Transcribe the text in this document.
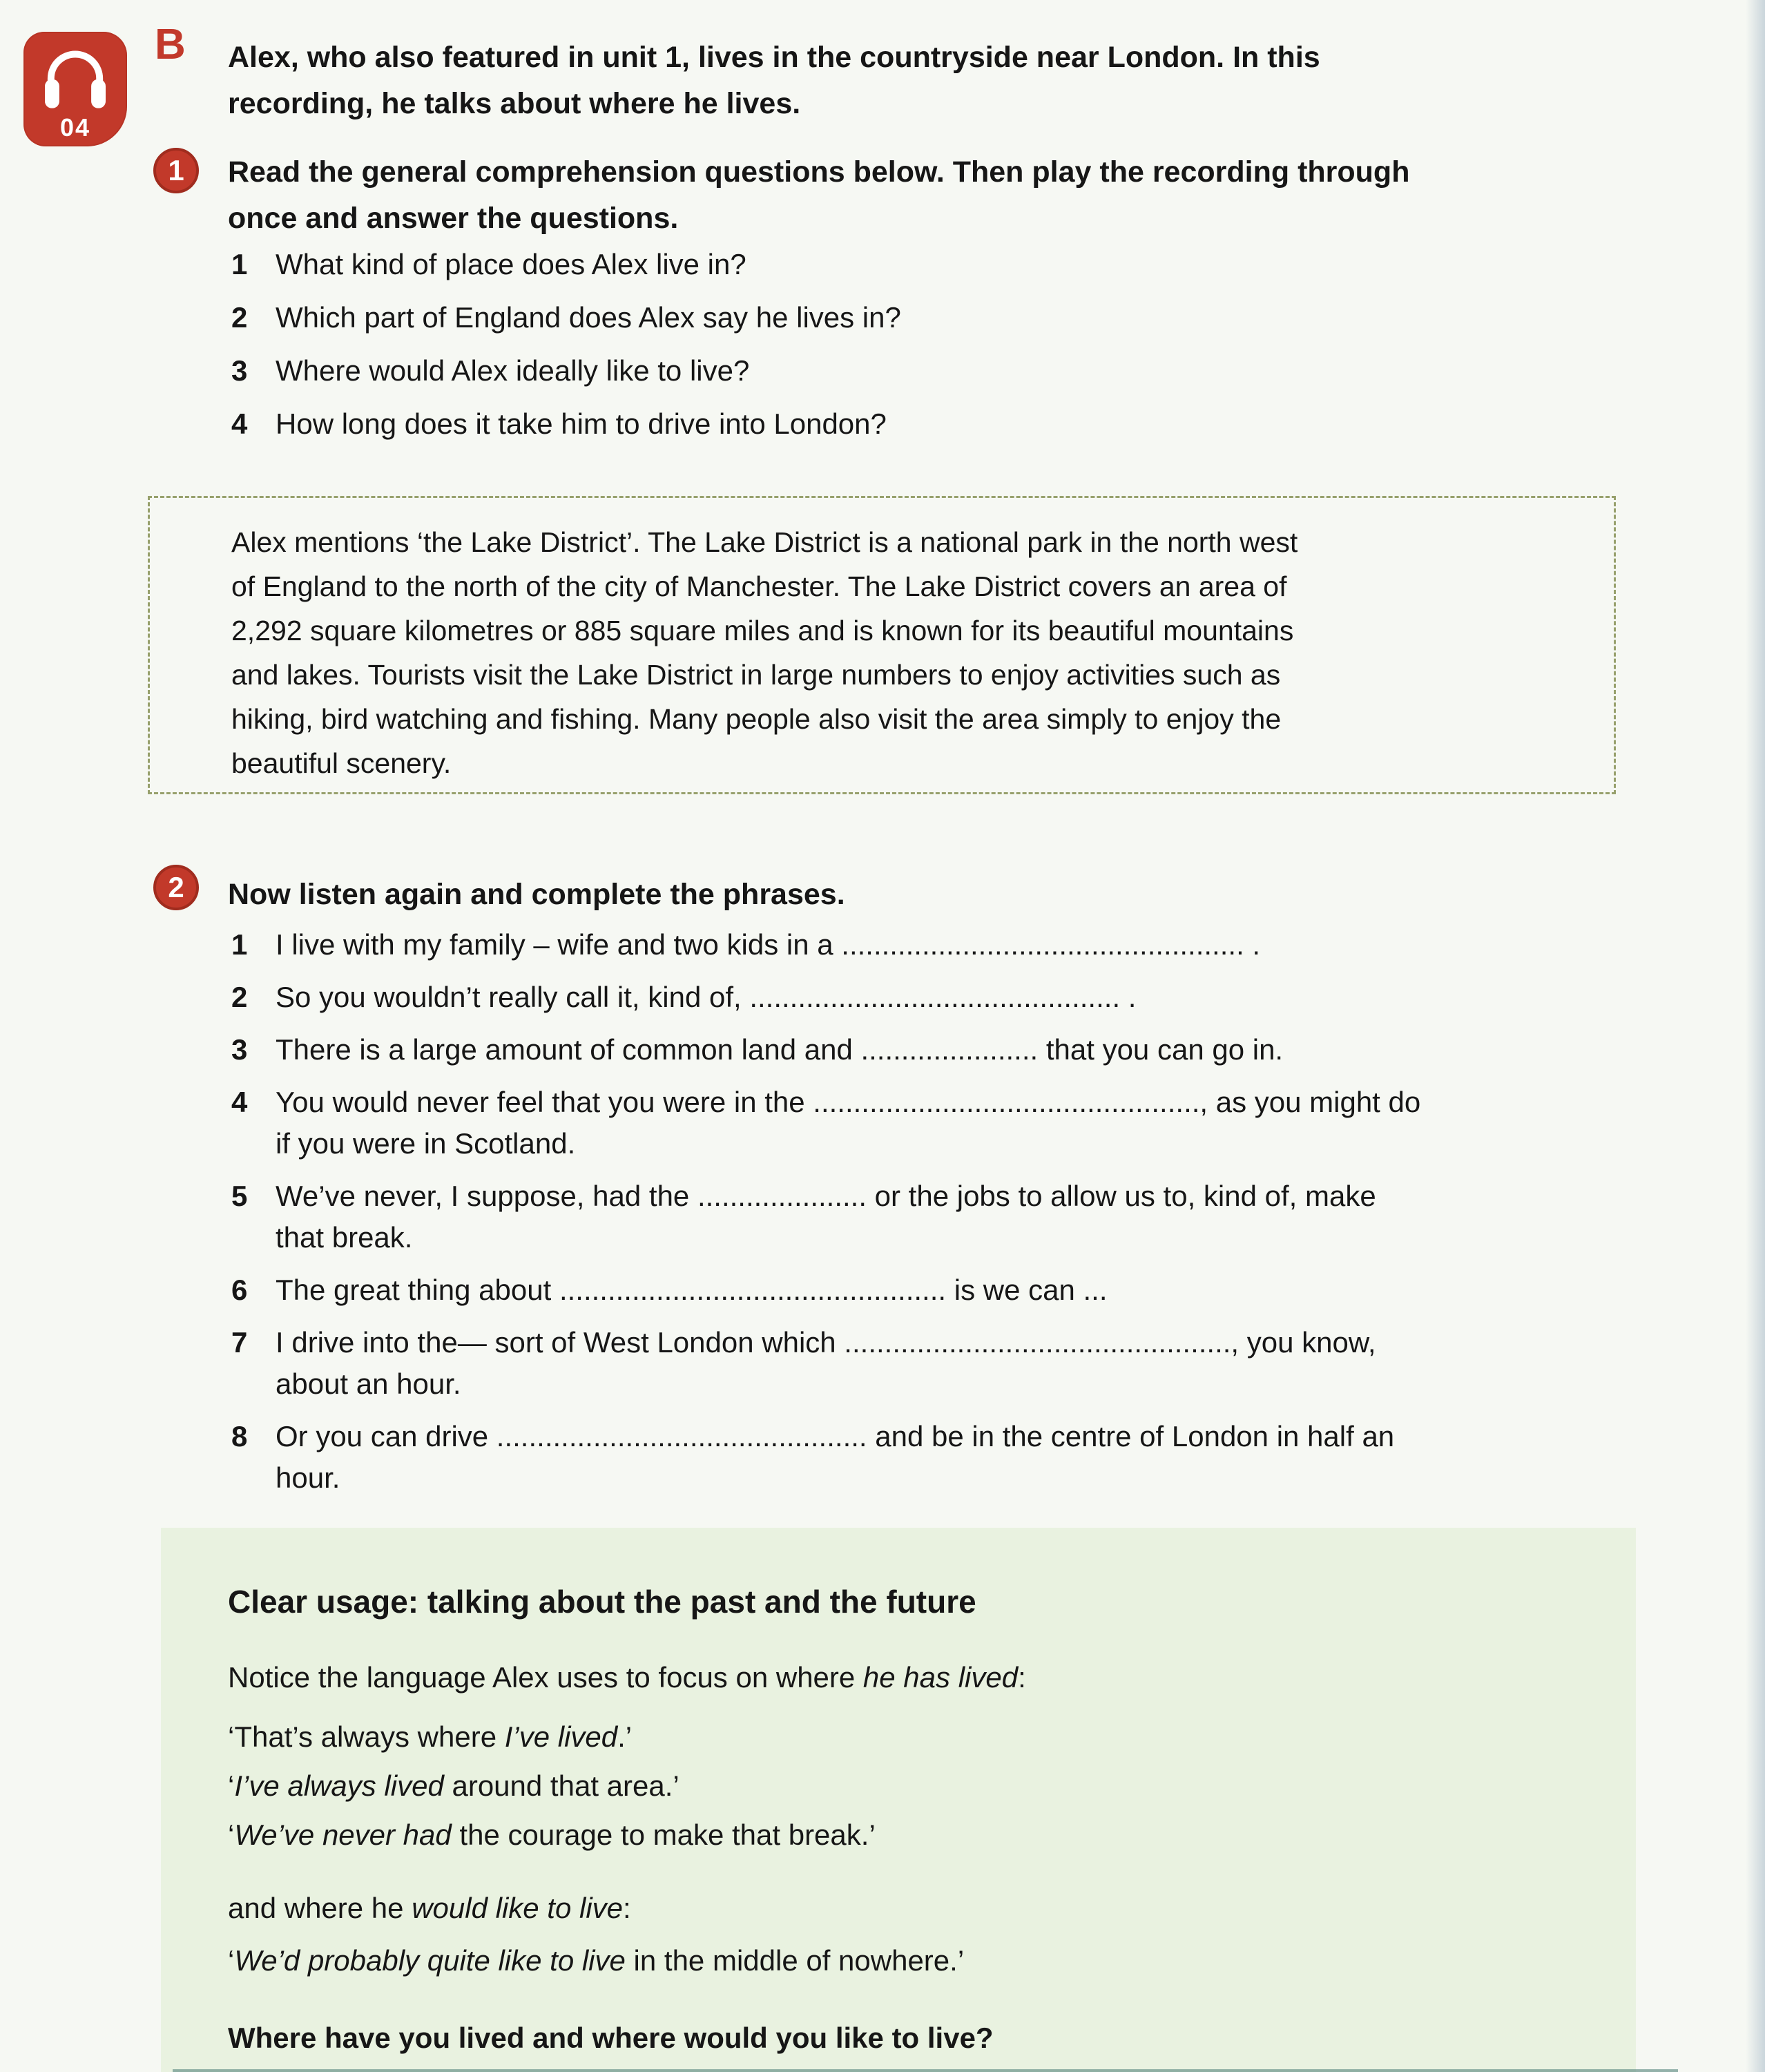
04
B Alex, who also featured in unit 1, lives in the countryside near London. In this
recording, he talks about where he lives.
1	Read the general comprehension questions below. Then play the recording through
once and answer the questions.
1 What kind of place does Alex live in?
2 Which part of England does Alex say he lives in?
3 Where would Alex ideally like to live?
4 How long does it take him to drive into London?
Alex mentions ‘the Lake District’. The Lake District is a national park in the north west
of England to the north of the city of Manchester. The Lake District covers an area of
2,292 square kilometres or 885 square miles and is known for its beautiful mountains
and lakes. Tourists visit the Lake District in large numbers to enjoy activities such as
hiking, bird watching and fishing. Many people also visit the area simply to enjoy the
beautiful scenery.
2	Now listen again and complete the phrases.
1 I live with my family – wife and two kids in a .................................................. .
2 So you wouldn’t really call it, kind of, .............................................. .
3 There is a large amount of common land and ...................... that you can go in.
4 You would never feel that you were in the ................................................, as you might do
if you were in Scotland.
5 We’ve never, I suppose, had the ..................... or the jobs to allow us to, kind of, make
that break.
6 The great thing about ................................................ is we can ...
7 I drive into the— sort of West London which ................................................, you know,
about an hour.
8 Or you can drive .............................................. and be in the centre of London in half an
hour.
Clear usage: talking about the past and the future
Notice the language Alex uses to focus on where he has lived:
‘That’s always where I’ve lived.’
‘I’ve always lived around that area.’
‘We’ve never had the courage to make that break.’
and where he would like to live:
‘We’d probably quite like to live in the middle of nowhere.’
Where have you lived and where would you like to live?
